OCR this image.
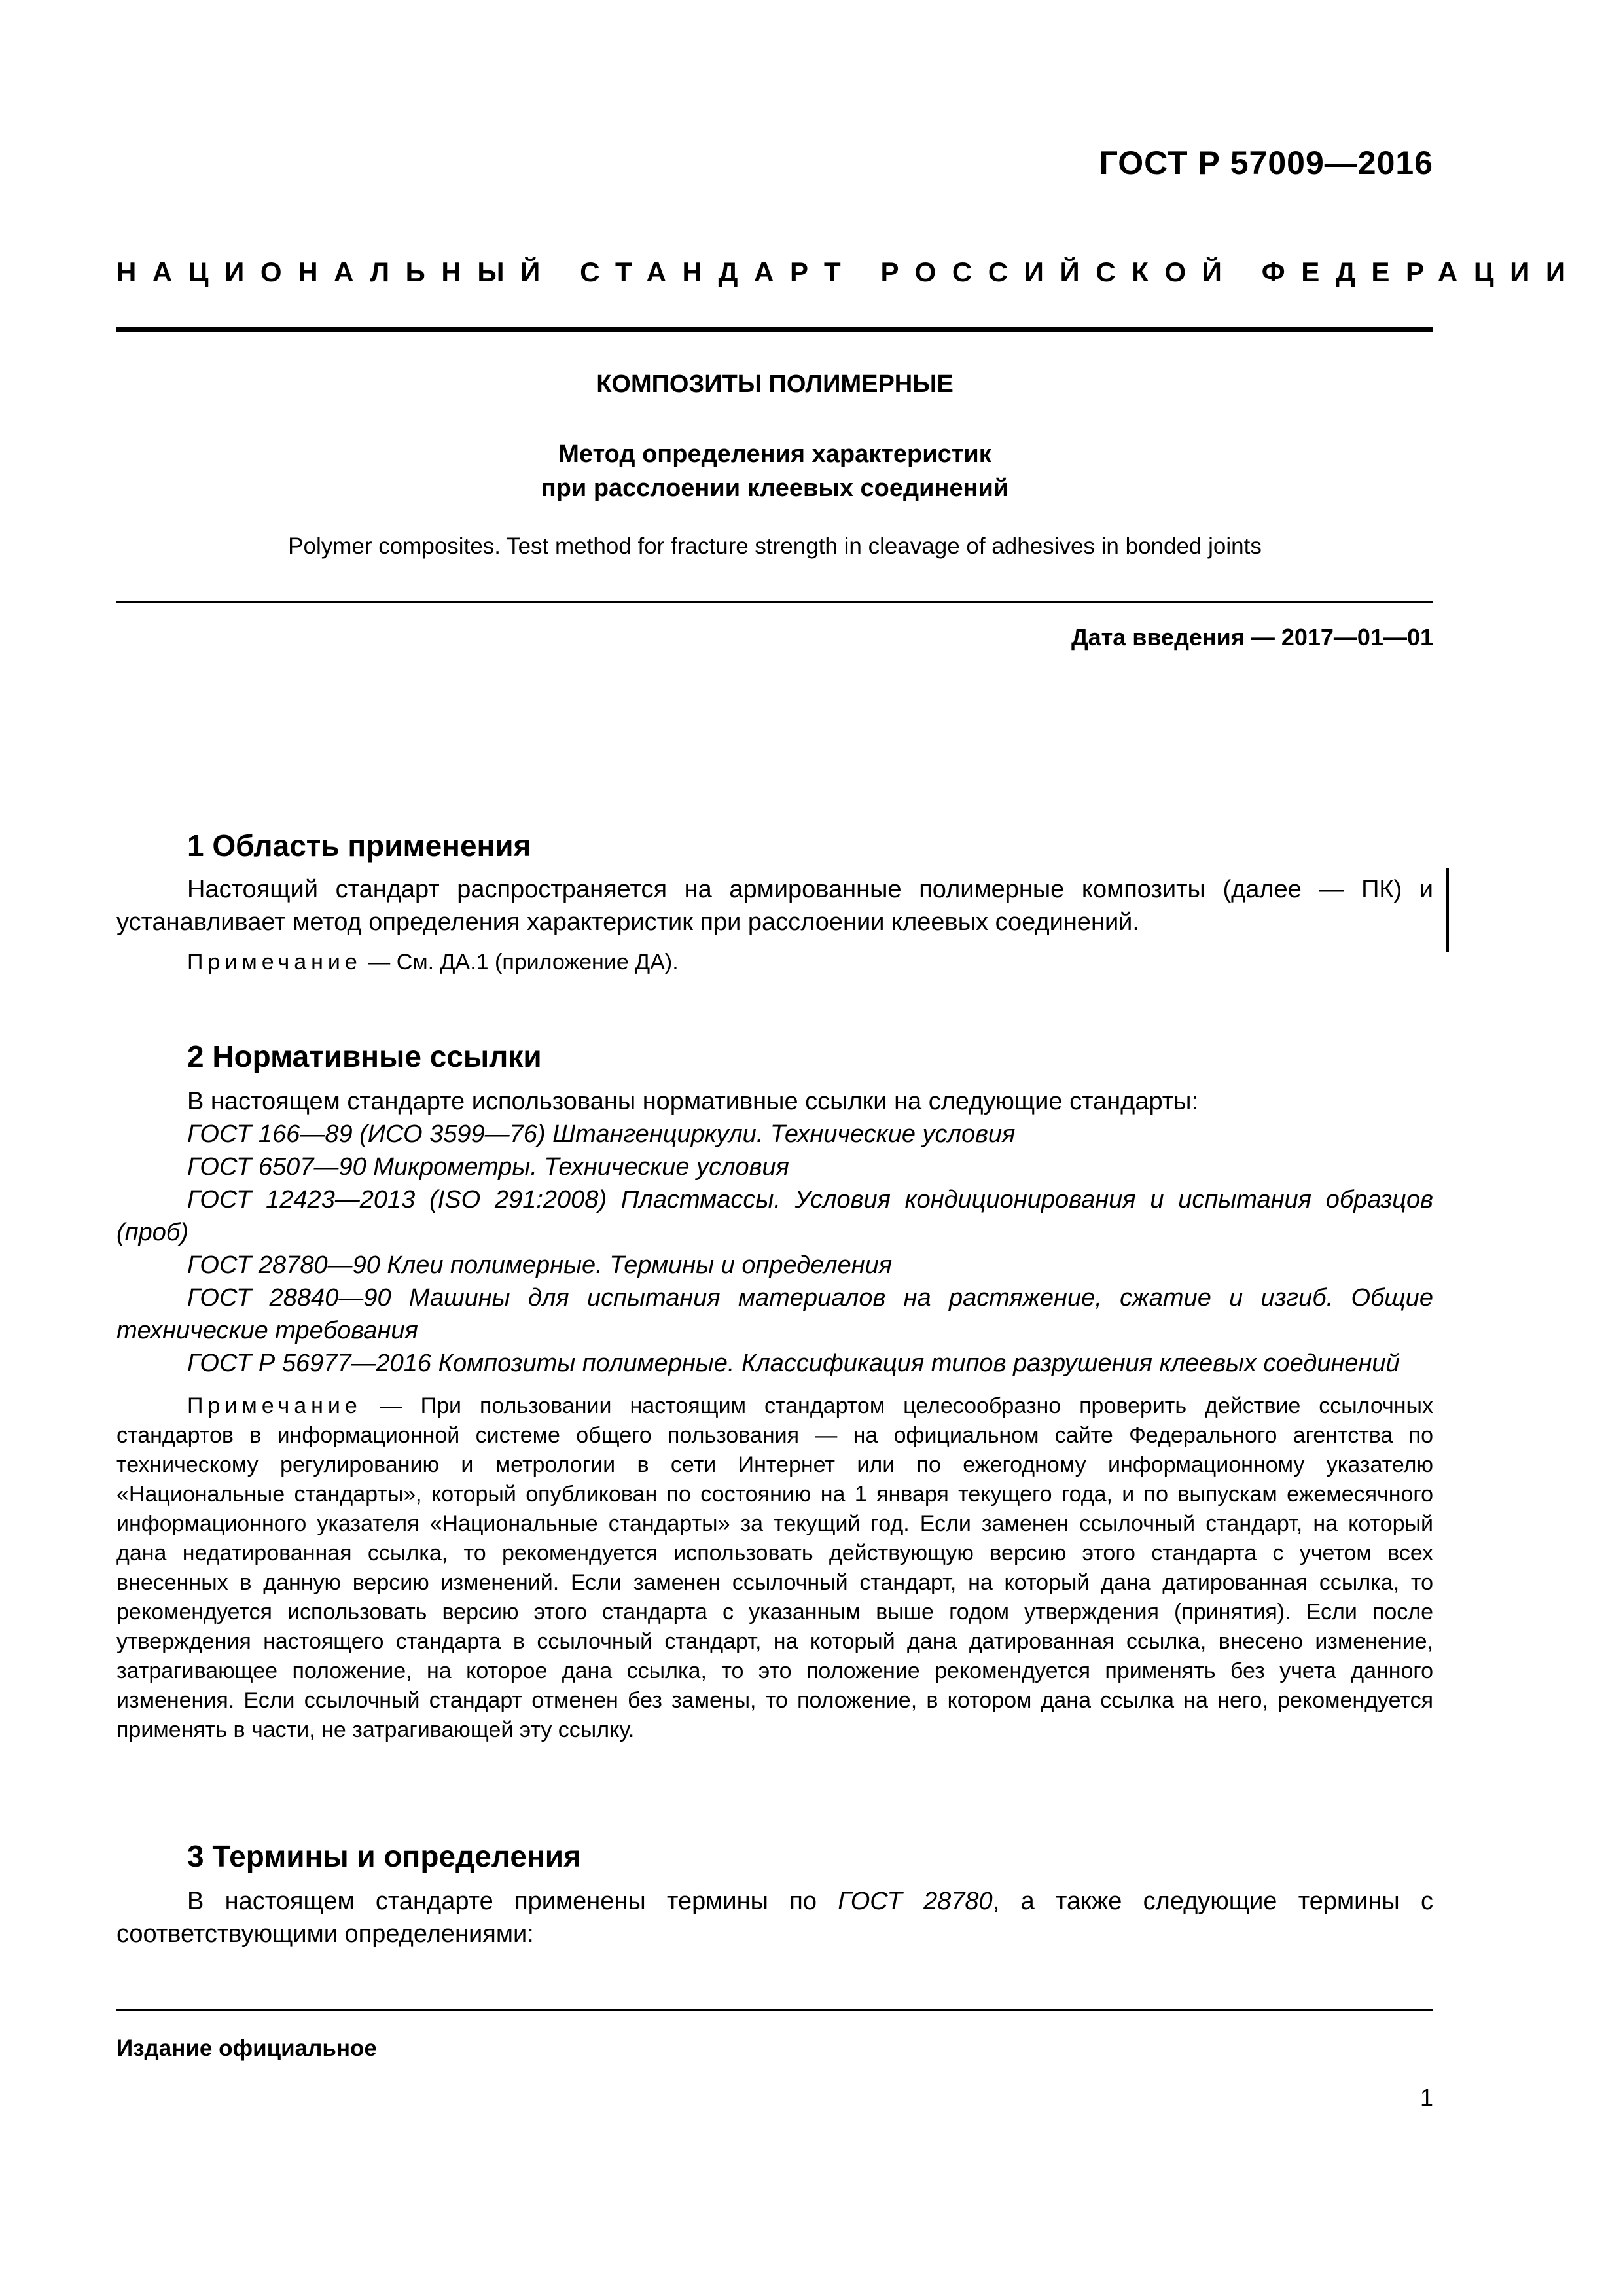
ГОСТ Р 57009—2016
НАЦИОНАЛЬНЫЙ СТАНДАРТ РОССИЙСКОЙ ФЕДЕРАЦИИ
КОМПОЗИТЫ ПОЛИМЕРНЫЕ
Метод определения характеристик
при расслоении клеевых соединений
Polymer composites. Test method for fracture strength in cleavage of adhesives in bonded joints
Дата введения — 2017—01—01
1 Область применения

Настоящий стандарт распространяется на армированные полимерные композиты (далее — ПК) и устанавливает метод определения характеристик при расслоении клеевых соединений.

Примечание — См. ДА.1 (приложение ДА).

2 Нормативные ссылки

В настоящем стандарте использованы нормативные ссылки на следующие стандарты:

ГОСТ 166—89 (ИСО 3599—76) Штангенциркули. Технические условия

ГОСТ 6507—90 Микрометры. Технические условия

ГОСТ 12423—2013 (ISO 291:2008) Пластмассы. Условия кондиционирования и испытания образцов (проб)

ГОСТ 28780—90 Клеи полимерные. Термины и определения

ГОСТ 28840—90 Машины для испытания материалов на растяжение, сжатие и изгиб. Общие технические требования

ГОСТ Р 56977—2016 Композиты полимерные. Классификация типов разрушения клеевых соединений

Примечание — При пользовании настоящим стандартом целесообразно проверить действие ссылочных стандартов в информационной системе общего пользования — на официальном сайте Федерального агентства по техническому регулированию и метрологии в сети Интернет или по ежегодному информационному указателю «Национальные стандарты», который опубликован по состоянию на 1 января текущего года, и по выпускам ежемесячного информационного указателя «Национальные стандарты» за текущий год. Если заменен ссылочный стандарт, на который дана недатированная ссылка, то рекомендуется использовать действующую версию этого стандарта с учетом всех внесенных в данную версию изменений. Если заменен ссылочный стандарт, на который дана датированная ссылка, то рекомендуется использовать версию этого стандарта с указанным выше годом утверждения (принятия). Если после утверждения настоящего стандарта в ссылочный стандарт, на который дана датированная ссылка, внесено изменение, затрагивающее положение, на которое дана ссылка, то это положение рекомендуется применять без учета данного изменения. Если ссылочный стандарт отменен без замены, то положение, в котором дана ссылка на него, рекомендуется применять в части, не затрагивающей эту ссылку.

3 Термины и определения

В настоящем стандарте применены термины по ГОСТ 28780, а также следующие термины с соответствующими определениями:

Издание официальное
1
